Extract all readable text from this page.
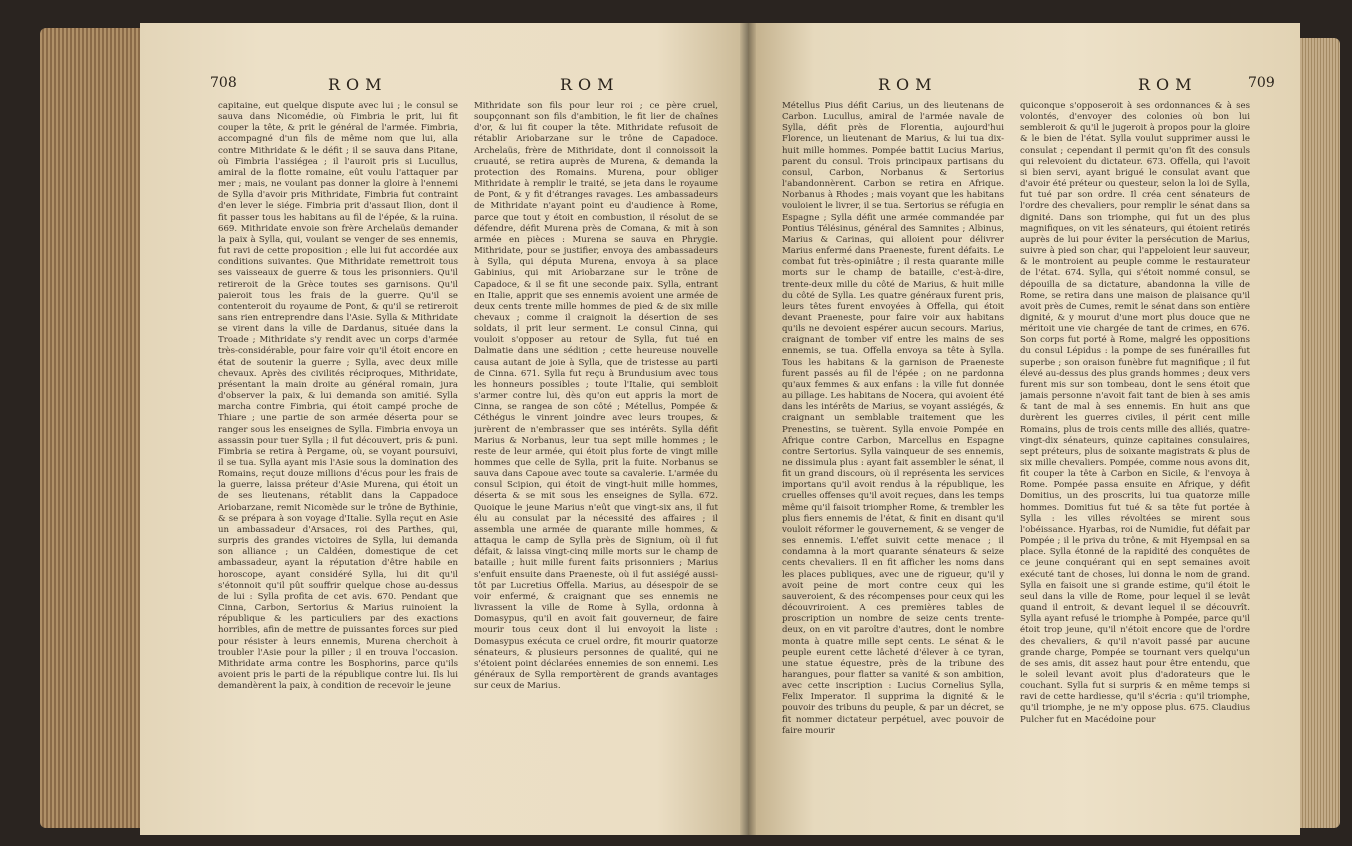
708	ROM	ROM

capitaine, eut quelque dispute avec lui ; le consul se sauva dans Nicomédie, où Fimbria le prit, lui fit couper la tête, & prit le général de l'armée. Fimbria, accompagné d'un fils de même nom que lui, alla contre Mithridate & le défit ; il se sauva dans Pitane, où Fimbria l'assiégea ; il l'auroit pris si Lucullus, amiral de la flotte romaine, eût voulu l'attaquer par mer ; mais, ne voulant pas donner la gloire à l'ennemi de Sylla d'avoir pris Mithridate, Fimbria fut contraint d'en lever le siége. Fimbria prit d'assaut Ilion, dont il fit passer tous les habitans au fil de l'épée, & la ruina. 669. Mithridate envoie son frère Archelaüs demander la paix à Sylla, qui, voulant se venger de ses ennemis, fut ravi de cette proposition ; elle lui fut accordée aux conditions suivantes. Que Mithridate remettroit tous ses vaisseaux de guerre & tous les prisonniers. Qu'il retireroit de la Grèce toutes ses garnisons. Qu'il paieroit tous les frais de la guerre. Qu'il se contenteroit du royaume de Pont, & qu'il se retireroit sans rien entreprendre dans l'Asie. Sylla & Mithridate se virent dans la ville de Dardanus, située dans la Troade ; Mithridate s'y rendit avec un corps d'armée très-considérable, pour faire voir qu'il étoit encore en état de soutenir la guerre ; Sylla, avec deux mille chevaux. Après des civilités réciproques, Mithridate, présentant la main droite au général romain, jura d'observer la paix, & lui demanda son amitié. Sylla marcha contre Fimbria, qui étoit campé proche de Thiare ; une partie de son armée déserta pour se ranger sous les enseignes de Sylla. Fimbria envoya un assassin pour tuer Sylla ; il fut découvert, pris & puni. Fimbria se retira à Pergame, où, se voyant poursuivi, il se tua. Sylla ayant mis l'Asie sous la domination des Romains, reçut douze millions d'écus pour les frais de la guerre, laissa préteur d'Asie Murena, qui étoit un de ses lieutenans, rétablit dans la Cappadoce Ariobarzane, remit Nicomède sur le trône de Bythinie, & se prépara à son voyage d'Italie. Sylla reçut en Asie un ambassadeur d'Arsaces, roi des Parthes, qui, surpris des grandes victoires de Sylla, lui demanda son alliance ; un Caldéen, domestique de cet ambassadeur, ayant la réputation d'être habile en horoscope, ayant considéré Sylla, lui dit qu'il s'étonnoit qu'il pût souffrir quelque chose au-dessus de lui : Sylla profita de cet avis. 670. Pendant que Cinna, Carbon, Sertorius & Marius ruinoient la république & les particuliers par des exactions horribles, afin de mettre de puissantes forces sur pied pour résister à leurs ennemis, Murena cherchoit à troubler l'Asie pour la piller ; il en trouva l'occasion. Mithridate arma contre les Bosphorins, parce qu'ils avoient pris le parti de la république contre lui. Ils lui demandèrent la paix, à condition de recevoir le jeune

Mithridate son fils pour leur roi ; ce père cruel, soupçonnant son fils d'ambition, le fit lier de chaînes d'or, & lui fit couper la tête. Mithridate refusoit de rétablir Ariobarzane sur le trône de Capadoce. Archelaüs, frère de Mithridate, dont il connoissoit la cruauté, se retira auprès de Murena, & demanda la protection des Romains. Murena, pour obliger Mithridate à remplir le traité, se jeta dans le royaume de Pont, & y fit d'étranges ravages. Les ambassadeurs de Mithridate n'ayant point eu d'audience à Rome, parce que tout y étoit en combustion, il résolut de se défendre, défit Murena près de Comana, & mit à son armée en pièces : Murena se sauva en Phrygie. Mithridate, pour se justifier, envoya des ambassadeurs à Sylla, qui députa Murena, envoya à sa place Gabinius, qui mit Ariobarzane sur le trône de Capadoce, & il se fit une seconde paix. Sylla, entrant en Italie, apprit que ses ennemis avoient une armée de deux cents trente mille hommes de pied & de six mille chevaux ; comme il craignoit la désertion de ses soldats, il prit leur serment. Le consul Cinna, qui vouloit s'opposer au retour de Sylla, fut tué en Dalmatie dans une sédition ; cette heureuse nouvelle causa autant de joie à Sylla, que de tristesse au parti de Cinna. 671. Sylla fut reçu à Brundusium avec tous les honneurs possibles ; toute l'Italie, qui sembloit s'armer contre lui, dès qu'on eut appris la mort de Cinna, se rangea de son côté ; Métellus, Pompée & Céthégus le vinrent joindre avec leurs troupes, & jurèrent de n'embrasser que ses intérêts. Sylla défit Marius & Norbanus, leur tua sept mille hommes ; le reste de leur armée, qui étoit plus forte de vingt mille hommes que celle de Sylla, prit la fuite. Norbanus se sauva dans Capoue avec toute sa cavalerie. L'armée du consul Scipion, qui étoit de vingt-huit mille hommes, déserta & se mit sous les enseignes de Sylla. 672. Quoique le jeune Marius n'eût que vingt-six ans, il fut élu au consulat par la nécessité des affaires ; il assembla une armée de quarante mille hommes, & attaqua le camp de Sylla près de Signium, où il fut défait, & laissa vingt-cinq mille morts sur le champ de bataille ; huit mille furent faits prisonniers ; Marius s'enfuit ensuite dans Praeneste, où il fut assiégé aussi-tôt par Lucretius Offella. Marius, au désespoir de se voir enfermé, & craignant que ses ennemis ne livrassent la ville de Rome à Sylla, ordonna à Domasypus, qu'il en avoit fait gouverneur, de faire mourir tous ceux dont il lui envoyoit la liste : Domasypus exécuta ce cruel ordre, fit mourir quatorze sénateurs, & plusieurs personnes de qualité, qui ne s'étoient point déclarées ennemies de son ennemi. Les généraux de Sylla remportèrent de grands avantages sur ceux de Marius.

ROM	ROM	709

Métellus Pius défit Carius, un des lieutenans de Carbon. Lucullus, amiral de l'armée navale de Sylla, défit près de Florentia, aujourd'hui Florence, un lieutenant de Marius, & lui tua dix-huit mille hommes. Pompée battit Lucius Marius, parent du consul. Trois principaux partisans du consul, Carbon, Norbanus & Sertorius l'abandonnèrent. Carbon se retira en Afrique. Norbanus à Rhodes ; mais voyant que les habitans vouloient le livrer, il se tua. Sertorius se réfugia en Espagne ; Sylla défit une armée commandée par Pontius Télésinus, général des Samnites ; Albinus, Marius & Carinas, qui alloient pour délivrer Marius enfermé dans Praeneste, furent défaits. Le combat fut très-opiniâtre ; il resta quarante mille morts sur le champ de bataille, c'est-à-dire, trente-deux mille du côté de Marius, & huit mille du côté de Sylla. Les quatre généraux furent pris, leurs têtes furent envoyées à Offella, qui étoit devant Praeneste, pour faire voir aux habitans qu'ils ne devoient espérer aucun secours. Marius, craignant de tomber vif entre les mains de ses ennemis, se tua. Offella envoya sa tête à Sylla. Tous les habitans & la garnison de Praeneste furent passés au fil de l'épée ; on ne pardonna qu'aux femmes & aux enfans : la ville fut donnée au pillage. Les habitans de Nocera, qui avoient été dans les intérêts de Marius, se voyant assiégés, & craignant un semblable traitement que les Prenestins, se tuèrent. Sylla envoie Pompée en Afrique contre Carbon, Marcellus en Espagne contre Sertorius. Sylla vainqueur de ses ennemis, ne dissimula plus : ayant fait assembler le sénat, il fit un grand discours, où il représenta les services importans qu'il avoit rendus à la république, les cruelles offenses qu'il avoit reçues, dans les temps même qu'il faisoit triompher Rome, & trembler les plus fiers ennemis de l'état, & finit en disant qu'il vouloit réformer le gouvernement, & se venger de ses ennemis. L'effet suivit cette menace ; il condamna à la mort quarante sénateurs & seize cents chevaliers. Il en fit afficher les noms dans les places publiques, avec une de rigueur, qu'il y avoit peine de mort contre ceux qui les sauveroient, & des récompenses pour ceux qui les découvriroient. A ces premières tables de proscription un nombre de seize cents trente-deux, on en vit paroître d'autres, dont le nombre monta à quatre mille sept cents. Le sénat & le peuple eurent cette lâcheté d'élever à ce tyran, une statue équestre, près de la tribune des harangues, pour flatter sa vanité & son ambition, avec cette inscription : Lucius Cornelius Sylla, Felix Imperator. Il supprima la dignité & le pouvoir des tribuns du peuple, & par un décret, se fit nommer dictateur perpétuel, avec pouvoir de faire mourir

quiconque s'opposeroit à ses ordonnances & à ses volontés, d'envoyer des colonies où bon lui sembleroit & qu'il le jugeroit à propos pour la gloire & le bien de l'état. Sylla voulut supprimer aussi le consulat ; cependant il permit qu'on fît des consuls qui relevoient du dictateur. 673. Offella, qui l'avoit si bien servi, ayant brigué le consulat avant que d'avoir été préteur ou questeur, selon la loi de Sylla, fut tué par son ordre. Il créa cent sénateurs de l'ordre des chevaliers, pour remplir le sénat dans sa dignité. Dans son triomphe, qui fut un des plus magnifiques, on vit les sénateurs, qui étoient retirés auprès de lui pour éviter la persécution de Marius, suivre à pied son char, qui l'appeloient leur sauveur, & le montroient au peuple comme le restaurateur de l'état. 674. Sylla, qui s'étoit nommé consul, se dépouilla de sa dictature, abandonna la ville de Rome, se retira dans une maison de plaisance qu'il avoit près de Cumes, remit le sénat dans son entière dignité, & y mourut d'une mort plus douce que ne méritoit une vie chargée de tant de crimes, en 676. Son corps fut porté à Rome, malgré les oppositions du consul Lépidus : la pompe de ses funérailles fut superbe ; son oraison funèbre fut magnifique ; il fut élevé au-dessus des plus grands hommes ; deux vers furent mis sur son tombeau, dont le sens étoit que jamais personne n'avoit fait tant de bien à ses amis & tant de mal à ses ennemis. En huit ans que durèrent les guerres civiles, il périt cent mille Romains, plus de trois cents mille des alliés, quatre-vingt-dix sénateurs, quinze capitaines consulaires, sept préteurs, plus de soixante magistrats & plus de six mille chevaliers. Pompée, comme nous avons dit, fit couper la tête à Carbon en Sicile, & l'envoya à Rome. Pompée passa ensuite en Afrique, y défit Domitius, un des proscrits, lui tua quatorze mille hommes. Domitius fut tué & sa tête fut portée à Sylla : les villes révoltées se mirent sous l'obéissance. Hyarbas, roi de Numidie, fut défait par Pompée ; il le priva du trône, & mit Hyempsal en sa place. Sylla étonné de la rapidité des conquêtes de ce jeune conquérant qui en sept semaines avoit exécuté tant de choses, lui donna le nom de grand. Sylla en faisoit une si grande estime, qu'il étoit le seul dans la ville de Rome, pour lequel il se levât quand il entroit, & devant lequel il se découvrît. Sylla ayant refusé le triomphe à Pompée, parce qu'il étoit trop jeune, qu'il n'étoit encore que de l'ordre des chevaliers, & qu'il n'avoit passé par aucune grande charge, Pompée se tournant vers quelqu'un de ses amis, dit assez haut pour être entendu, que le soleil levant avoit plus d'adorateurs que le couchant. Sylla fut si surpris & en même temps si ravi de cette hardiesse, qu'il s'écria : qu'il triomphe, qu'il triomphe, je ne m'y oppose plus. 675. Claudius Pulcher fut en Macédoine pour
